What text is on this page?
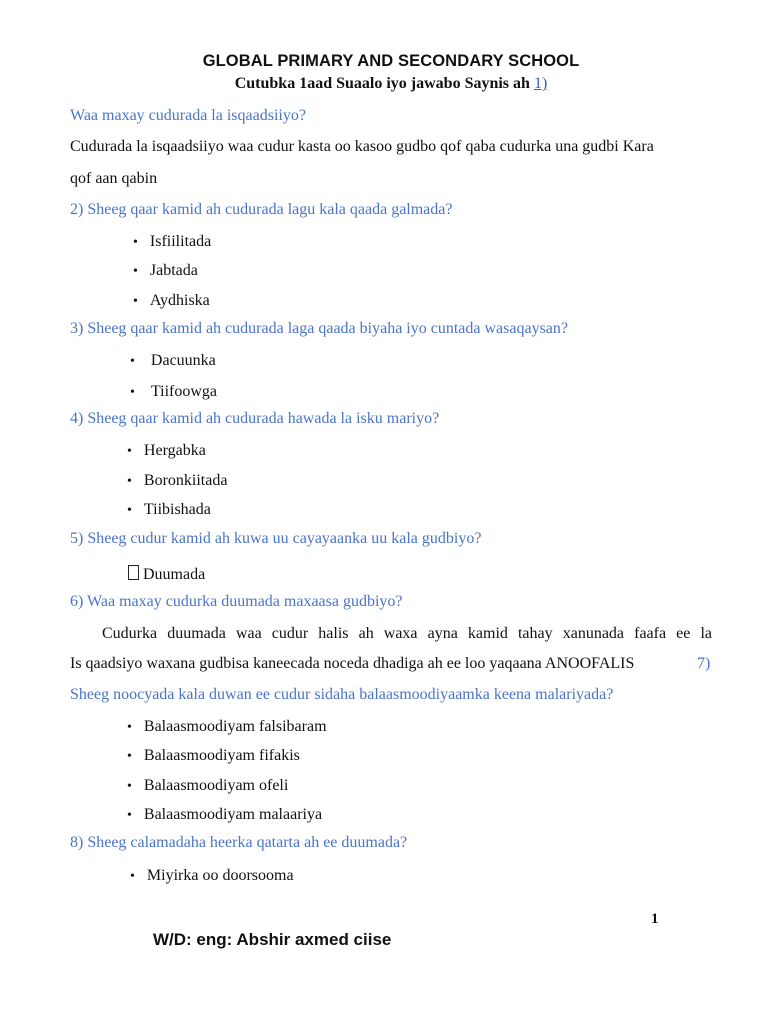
GLOBAL PRIMARY AND SECONDARY SCHOOL
Cutubka 1aad Suaalo iyo jawabo Saynis ah 1)
Waa maxay cudurada la isqaadsiiyo?
Cudurada la isqaadsiiyo waa cudur kasta oo kasoo gudbo qof qaba cudurka una gudbi Kara
qof aan qabin
2) Sheeg qaar kamid ah cudurada lagu kala qaada galmada?
• Isfiilitada
• Jabtada
• Aydhiska
3) Sheeg qaar kamid ah cudurada laga qaada biyaha iyo cuntada wasaqaysan?
• Dacuunka
• Tiifoowga
4) Sheeg qaar kamid ah cudurada hawada la isku mariyo?
• Hergabka
• Boronkiitada
• Tiibishada
5) Sheeg cudur kamid ah kuwa uu cayayaanka uu kala gudbiyo?
Duumada
6) Waa maxay cudurka duumada maxaasa gudbiyo?
Cudurka duumada waa cudur halis ah waxa ayna kamid tahay xanunada faafa ee la
Is qaadsiyo waxana gudbisa kaneecada noceda dhadiga ah ee loo yaqaana ANOOFALIS	7)
Sheeg noocyada kala duwan ee cudur sidaha balaasmoodiyaamka keena malariyada?
• Balaasmoodiyam falsibaram
• Balaasmoodiyam fifakis
• Balaasmoodiyam ofeli
• Balaasmoodiyam malaariya
8) Sheeg calamadaha heerka qatarta ah ee duumada?
• Miyirka oo doorsooma
1
W/D: eng: Abshir axmed ciise
